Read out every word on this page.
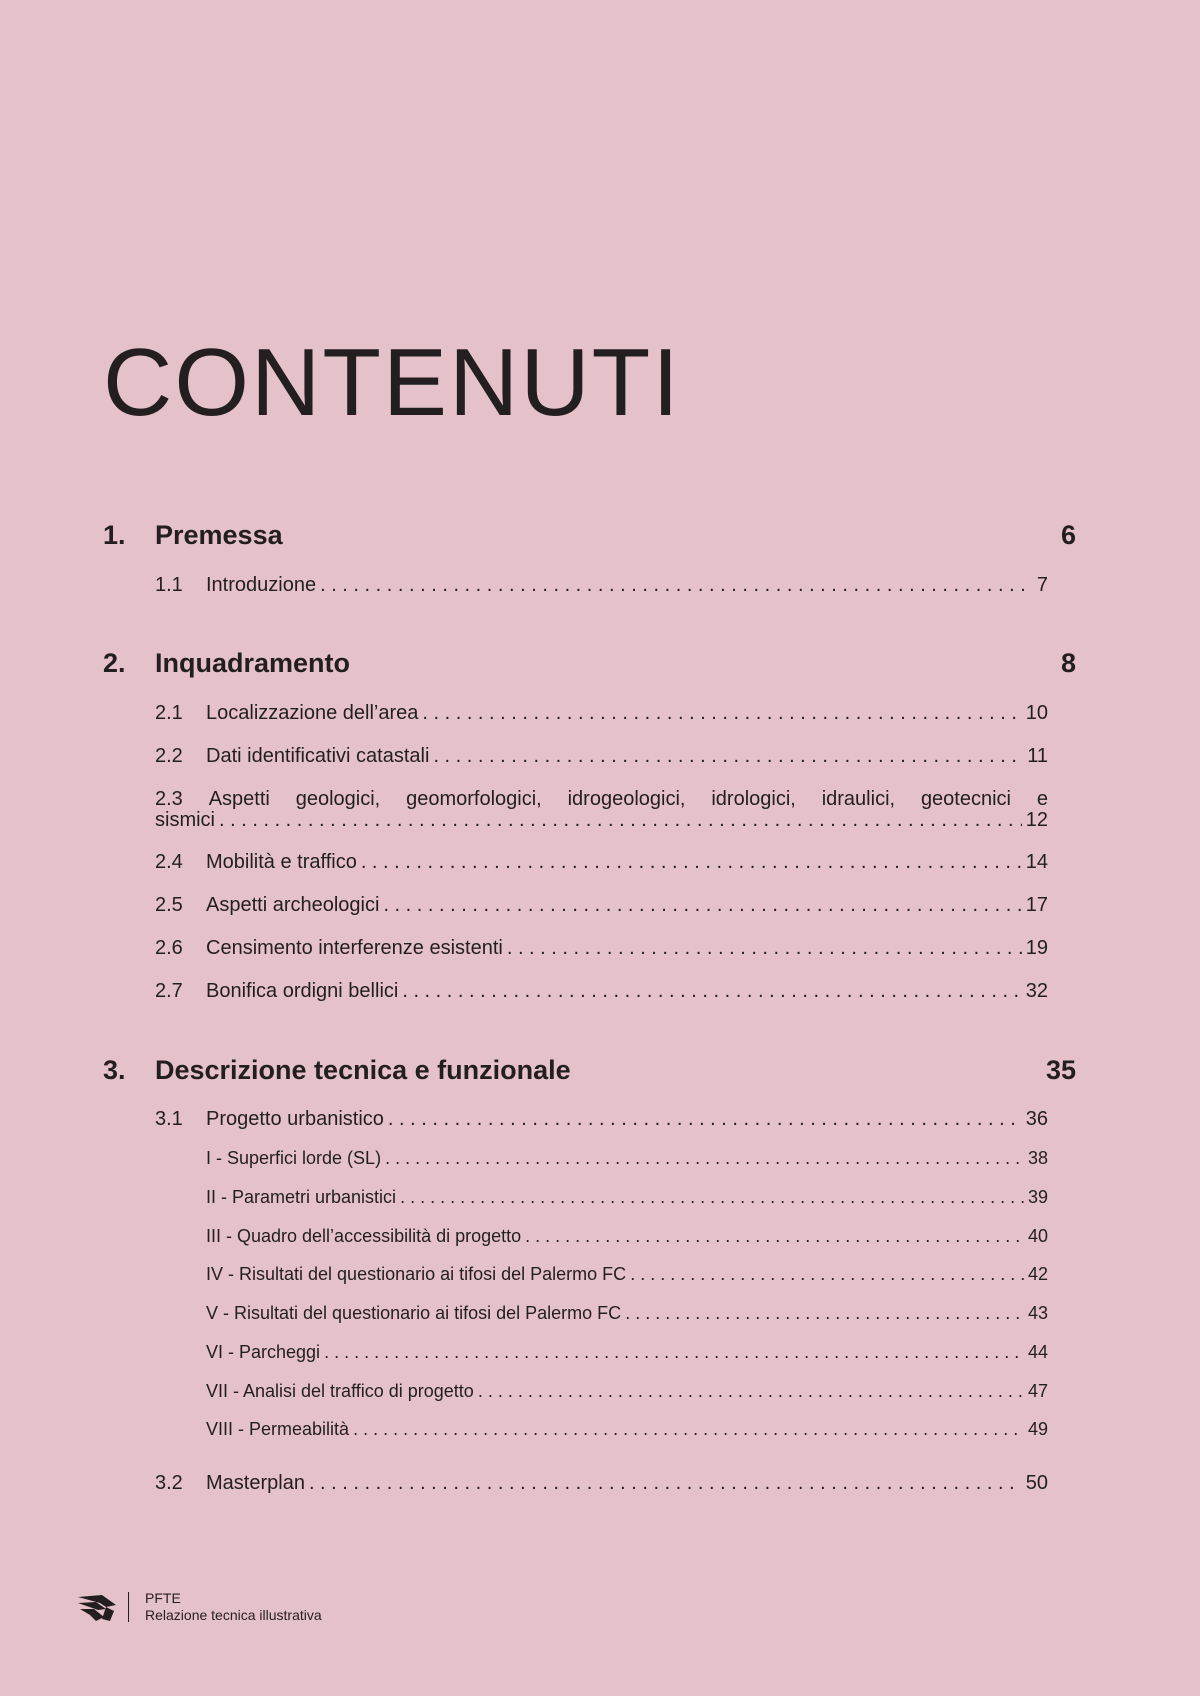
CONTENUTI
1. Premessa	6
1.1	Introduzione . . .	7
2. Inquadramento	8
2.1	Localizzazione dell’area . . .	10
2.2	Dati identificativi catastali . . .	11
2.3 Aspetti geologici, geomorfologici, idrogeologici, idrologici, idraulici, geotecnici e
sismici . . .	12
2.4	Mobilità e traffico . . .	14
2.5	Aspetti archeologici . . .	17
2.6	Censimento interferenze esistenti . . .	19
2.7	Bonifica ordigni bellici . . .	32
3. Descrizione tecnica e funzionale	35
3.1	Progetto urbanistico . . .	36
I - Superfici lorde (SL) . . .	38
II - Parametri urbanistici . . .	39
III - Quadro dell’accessibilità di progetto . . .	40
IV - Risultati del questionario ai tifosi del Palermo FC . . .	42
V - Risultati del questionario ai tifosi del Palermo FC . . .	43
VI - Parcheggi . . .	44
VII - Analisi del traffico di progetto . . .	47
VIII - Permeabilità . . .	49
3.2	Masterplan . . .	50
PFTE
Relazione tecnica illustrativa
